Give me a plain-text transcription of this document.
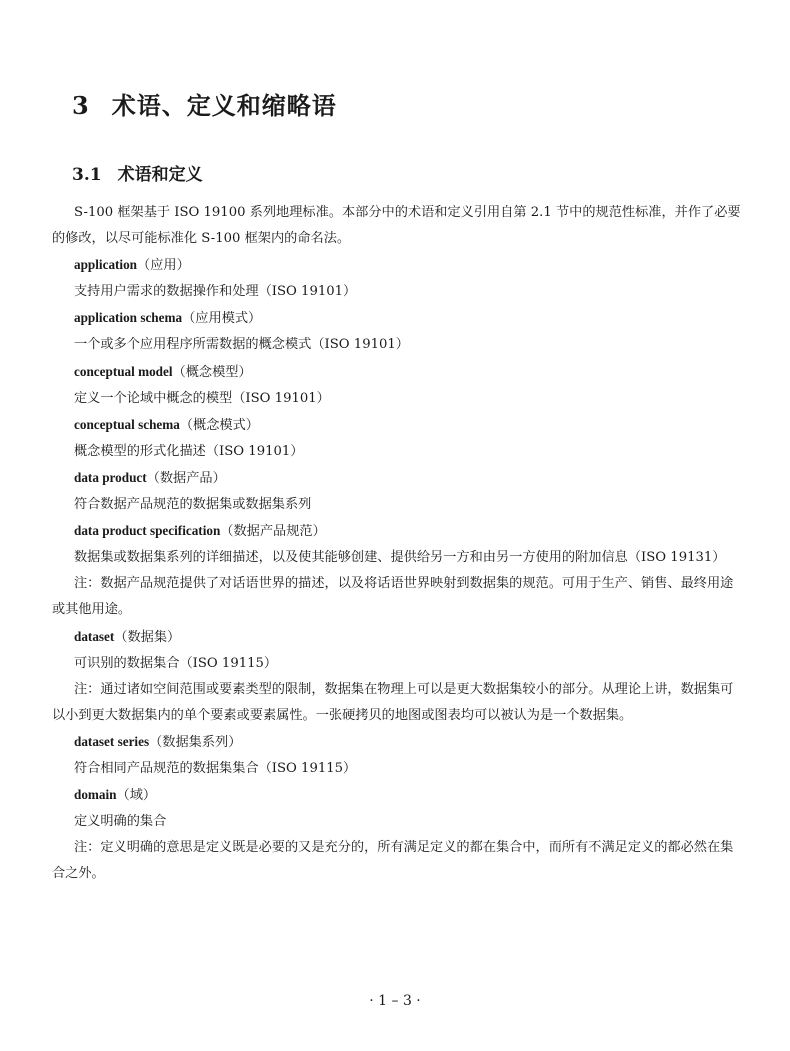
3 术语、定义和缩略语
3.1 术语和定义

S-100 框架基于 ISO 19100 系列地理标准。本部分中的术语和定义引用自第 2.1 节中的规范性标准，并作了必要的修改，以尽可能标准化 S-100 框架内的命名法。

application（应用）

支持用户需求的数据操作和处理（ISO 19101）

application schema（应用模式）

一个或多个应用程序所需数据的概念模式（ISO 19101）

conceptual model（概念模型）

定义一个论域中概念的模型（ISO 19101）

conceptual schema（概念模式）

概念模型的形式化描述（ISO 19101）

data product（数据产品）

符合数据产品规范的数据集或数据集系列

data product specification（数据产品规范）

数据集或数据集系列的详细描述，以及使其能够创建、提供给另一方和由另一方使用的附加信息（ISO 19131）

注：数据产品规范提供了对话语世界的描述，以及将话语世界映射到数据集的规范。可用于生产、销售、最终用途或其他用途。

dataset（数据集）

可识别的数据集合（ISO 19115）

注：通过诸如空间范围或要素类型的限制，数据集在物理上可以是更大数据集较小的部分。从理论上讲，数据集可以小到更大数据集内的单个要素或要素属性。一张硬拷贝的地图或图表均可以被认为是一个数据集。

dataset series（数据集系列）

符合相同产品规范的数据集集合（ISO 19115）

domain（域）

定义明确的集合

注：定义明确的意思是定义既是必要的又是充分的，所有满足定义的都在集合中，而所有不满足定义的都必然在集合之外。

· 1 – 3 ·
